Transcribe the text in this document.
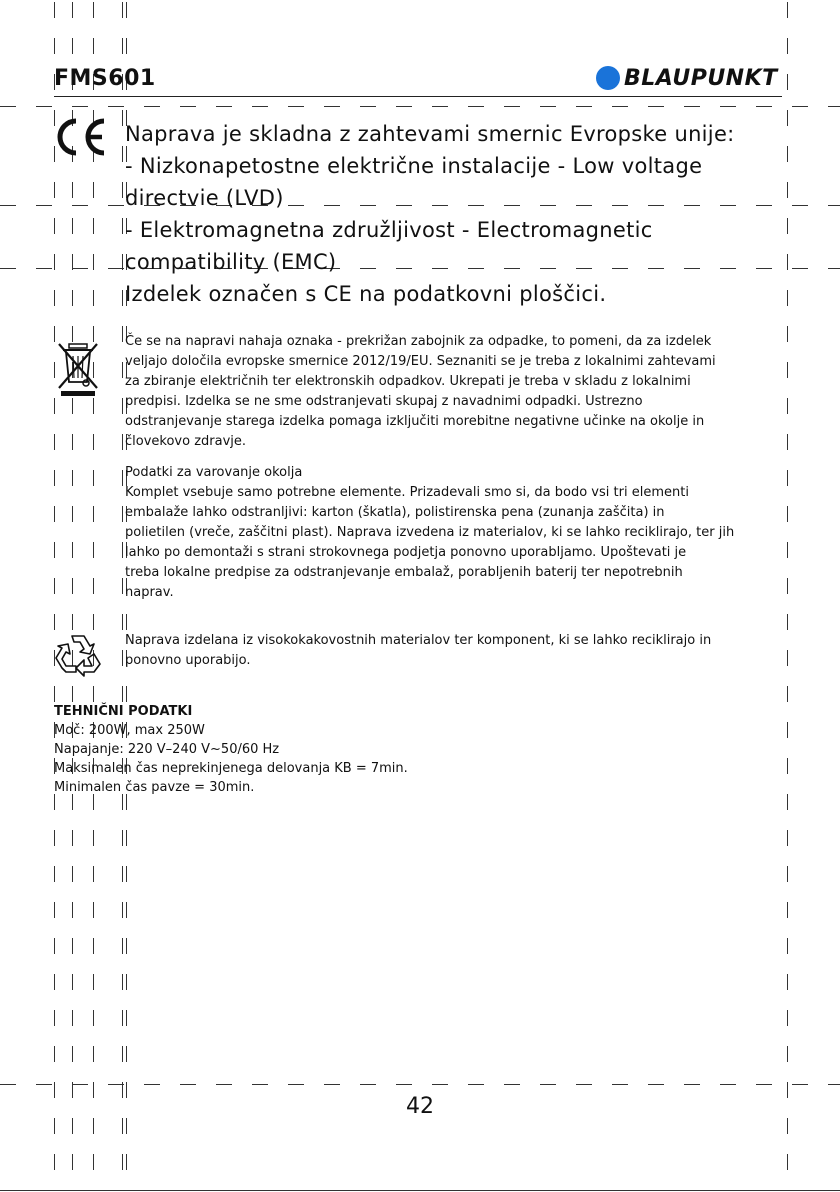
FMS601	BLAUPUNKT
Naprava je skladna z zahtevami smernic Evropske unije:
- Nizkonapetostne električne instalacije - Low voltage
directvie (LVD)
- Elektromagnetna združljivost - Electromagnetic
compatibility (EMC)
Izdelek označen s CE na podatkovni ploščici.
Če se na napravi nahaja oznaka - prekrižan zabojnik za odpadke, to pomeni, da za izdelek
veljajo določila evropske smernice 2012/19/EU. Seznaniti se je treba z lokalnimi zahtevami
za zbiranje električnih ter elektronskih odpadkov. Ukrepati je treba v skladu z lokalnimi
predpisi. Izdelka se ne sme odstranjevati skupaj z navadnimi odpadki. Ustrezno
odstranjevanje starega izdelka pomaga izključiti morebitne negativne učinke na okolje in
človekovo zdravje.
Podatki za varovanje okolja
Komplet vsebuje samo potrebne elemente. Prizadevali smo si, da bodo vsi tri elementi
embalaže lahko odstranljivi: karton (škatla), polistirenska pena (zunanja zaščita) in
polietilen (vreče, zaščitni plast). Naprava izvedena iz materialov, ki se lahko reciklirajo, ter jih
lahko po demontaži s strani strokovnega podjetja ponovno uporabljamo. Upoštevati je
treba lokalne predpise za odstranjevanje embalaž, porabljenih baterij ter nepotrebnih
naprav.
Naprava izdelana iz visokokakovostnih materialov ter komponent, ki se lahko reciklirajo in
ponovno uporabijo.
TEHNIČNI PODATKI
Moč: 200W, max 250W
Napajanje: 220 V–240 V~50/60 Hz
Maksimalen čas neprekinjenega delovanja KB = 7min.
Minimalen čas pavze = 30min.
42
